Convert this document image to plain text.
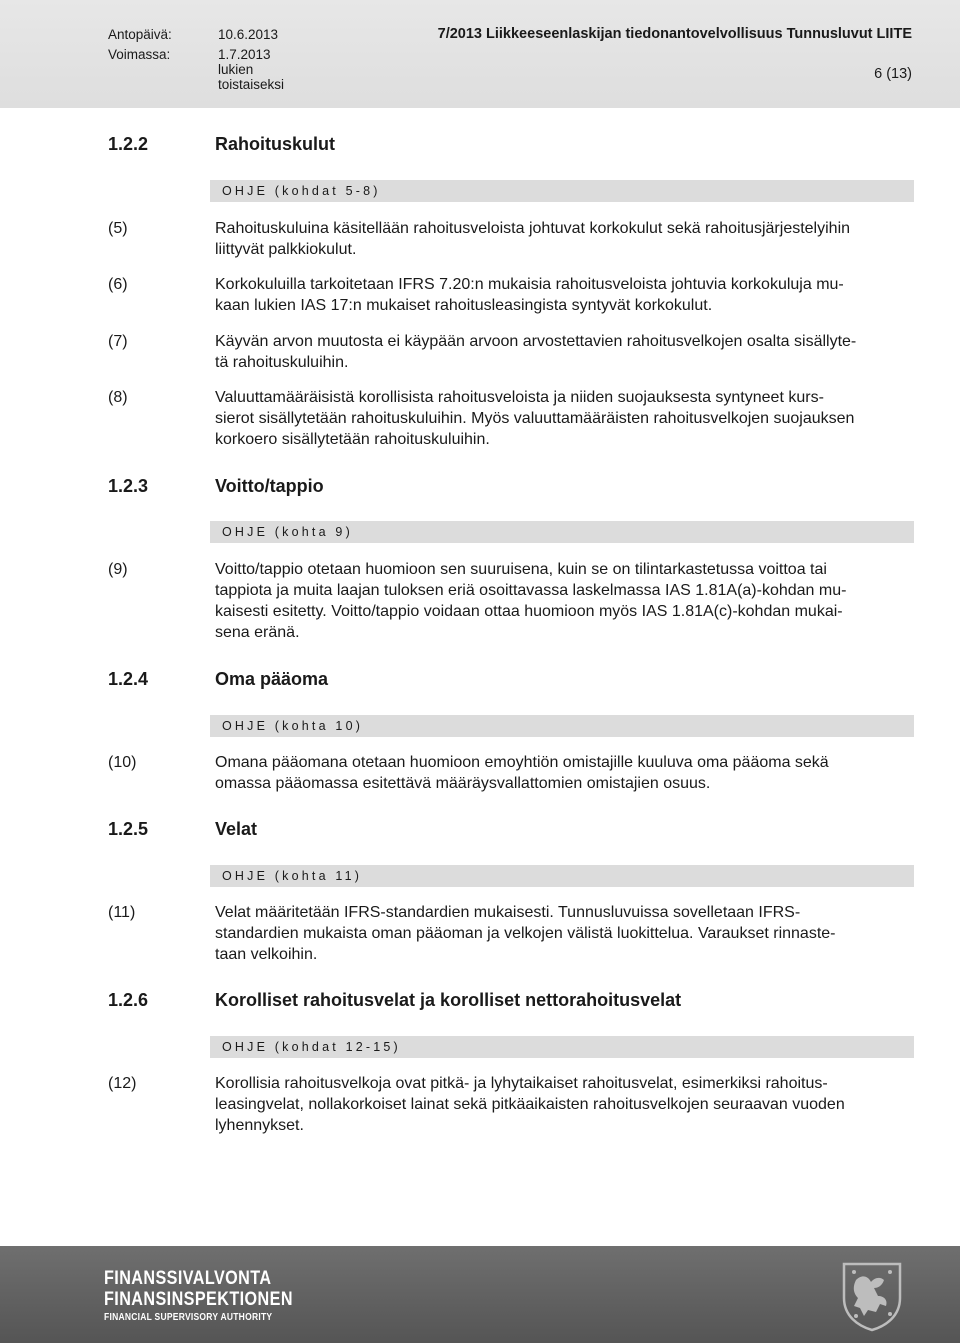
Antopäivä:	10.6.2013	7/2013 Liikkeeseenlaskijan tiedonantovelvollisuus Tunnusluvut LIITE
Voimassa:	1.7.2013 lukien toistaiseksi
6 (13)
1.2.2	Rahoituskulut
OHJE (kohdat 5-8)
(5)	Rahoituskuluina käsitellään rahoitusveloista johtuvat korkokulut sekä rahoitusjärjestelyihin
liittyvät palkkiokulut.
(6)	Korkokuluilla tarkoitetaan IFRS 7.20:n mukaisia rahoitusveloista johtuvia korkokuluja mu-
kaan lukien IAS 17:n mukaiset rahoitusleasingista syntyvät korkokulut.
(7)	Käyvän arvon muutosta ei käypään arvoon arvostettavien rahoitusvelkojen osalta sisällyte-
tä rahoituskuluihin.
(8)	Valuuttamääräisistä korollisista rahoitusveloista ja niiden suojauksesta syntyneet kurs-
sierot sisällytetään rahoituskuluihin. Myös valuuttamääräisten rahoitusvelkojen suojauksen
korkoero sisällytetään rahoituskuluihin.
1.2.3	Voitto/tappio
OHJE (kohta 9)
(9)	Voitto/tappio otetaan huomioon sen suuruisena, kuin se on tilintarkastetussa voittoa tai
tappiota ja muita laajan tuloksen eriä osoittavassa laskelmassa IAS 1.81A(a)-kohdan mu-
kaisesti esitetty. Voitto/tappio voidaan ottaa huomioon myös IAS 1.81A(c)-kohdan mukai-
sena eränä.
1.2.4	Oma pääoma
OHJE (kohta 10)
(10)	Omana pääomana otetaan huomioon emoyhtiön omistajille kuuluva oma pääoma sekä
omassa pääomassa esitettävä määräysvallattomien omistajien osuus.
1.2.5	Velat
OHJE (kohta 11)
(11)	Velat määritetään IFRS-standardien mukaisesti. Tunnusluvuissa sovelletaan IFRS-
standardien mukaista oman pääoman ja velkojen välistä luokittelua. Varaukset rinnaste-
taan velkoihin.
1.2.6	Korolliset rahoitusvelat ja korolliset nettorahoitusvelat
OHJE (kohdat 12-15)
(12)	Korollisia rahoitusvelkoja ovat pitkä- ja lyhytaikaiset rahoitusvelat, esimerkiksi rahoitus-
leasingvelat, nollakorkoiset lainat sekä pitkäaikaisten rahoitusvelkojen seuraavan vuoden
lyhennykset.
FINANSSIVALVONTA
FINANSINSPEKTIONEN
FINANCIAL SUPERVISORY AUTHORITY
